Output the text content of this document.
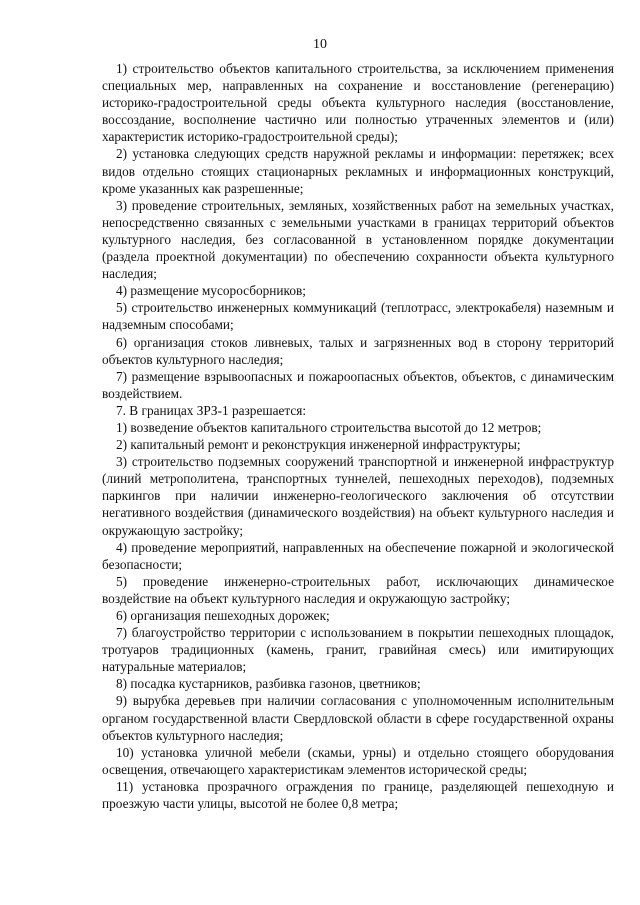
10

1) строительство объектов капитального строительства, за исключением применения специальных мер, направленных на сохранение и восстановление (регенерацию) историко-градостроительной среды объекта культурного наследия (восстановление, воссоздание, восполнение частично или полностью утраченных элементов и (или) характеристик историко-градостроительной среды);

2) установка следующих средств наружной рекламы и информации: перетяжек; всех видов отдельно стоящих стационарных рекламных и информационных конструкций, кроме указанных как разрешенные;

3) проведение строительных, земляных, хозяйственных работ на земельных участках, непосредственно связанных с земельными участками в границах территорий объектов культурного наследия, без согласованной в установленном порядке документации (раздела проектной документации) по обеспечению сохранности объекта культурного наследия;

4) размещение мусоросборников;

5) строительство инженерных коммуникаций (теплотрасс, электрокабеля) наземным и надземным способами;

6) организация стоков ливневых, талых и загрязненных вод в сторону территорий объектов культурного наследия;

7) размещение взрывоопасных и пожароопасных объектов, объектов, с динамическим воздействием.

7. В границах ЗРЗ-1 разрешается:

1) возведение объектов капитального строительства высотой до 12 метров;

2) капитальный ремонт и реконструкция инженерной инфраструктуры;

3) строительство подземных сооружений транспортной и инженерной инфраструктур (линий метрополитена, транспортных туннелей, пешеходных переходов), подземных паркингов при наличии инженерно-геологического заключения об отсутствии негативного воздействия (динамического воздействия) на объект культурного наследия и окружающую застройку;

4) проведение мероприятий, направленных на обеспечение пожарной и экологической безопасности;

5) проведение инженерно-строительных работ, исключающих динамическое воздействие на объект культурного наследия и окружающую застройку;

6) организация пешеходных дорожек;

7) благоустройство территории с использованием в покрытии пешеходных площадок, тротуаров традиционных (камень, гранит, гравийная смесь) или имитирующих натуральные материалов;

8) посадка кустарников, разбивка газонов, цветников;

9) вырубка деревьев при наличии согласования с уполномоченным исполнительным органом государственной власти Свердловской области в сфере государственной охраны объектов культурного наследия;

10) установка уличной мебели (скамьи, урны) и отдельно стоящего оборудования освещения, отвечающего характеристикам элементов исторической среды;

11) установка прозрачного ограждения по границе, разделяющей пешеходную и проезжую части улицы, высотой не более 0,8 метра;
